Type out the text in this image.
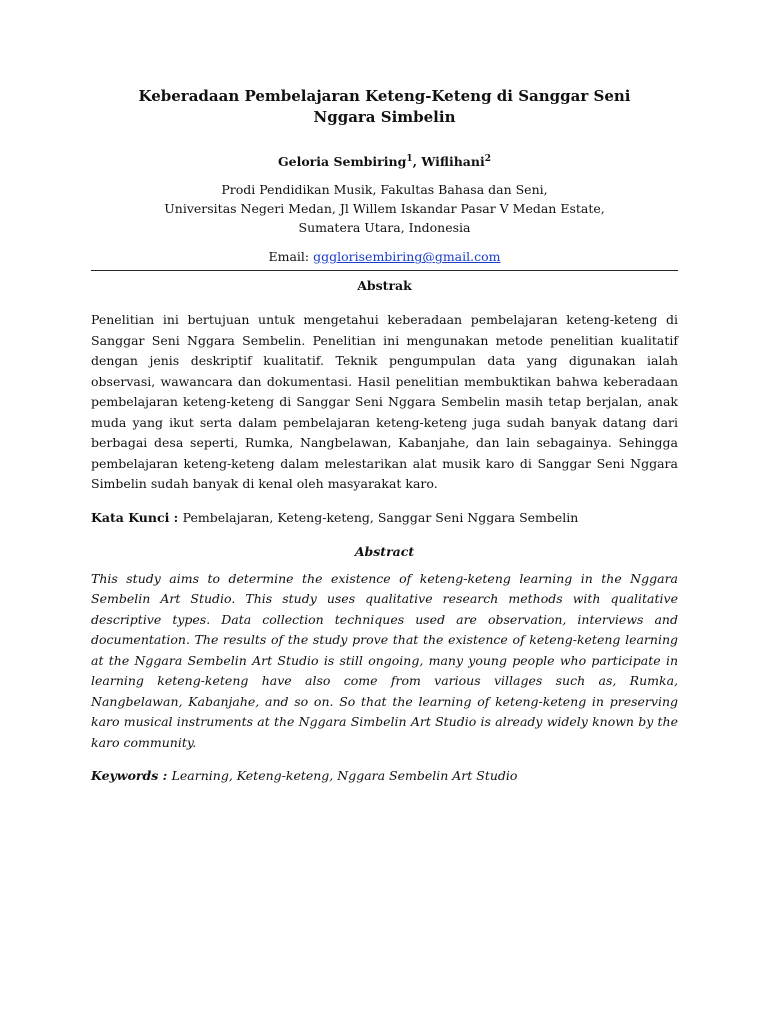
Keberadaan Pembelajaran Keteng-Keteng di Sanggar Seni
Nggara Simbelin
Geloria Sembiring$^1$, Wiflihani$^2$
Prodi Pendidikan Musik, Fakultas Bahasa dan Seni,
Universitas Negeri Medan, Jl Willem Iskandar Pasar V Medan Estate,
Sumatera Utara, Indonesia
Email: ggglorisembiring@gmail.com
Abstrak
Penelitian ini bertujuan untuk mengetahui keberadaan pembelajaran keteng-keteng di Sanggar Seni Nggara Sembelin. Penelitian ini mengunakan metode penelitian kualitatif dengan jenis deskriptif kualitatif. Teknik pengumpulan data yang digunakan ialah observasi, wawancara dan dokumentasi. Hasil penelitian membuktikan bahwa keberadaan pembelajaran keteng-keteng di Sanggar Seni Nggara Sembelin masih tetap berjalan, anak muda yang ikut serta dalam pembelajaran keteng-keteng juga sudah banyak datang dari berbagai desa seperti, Rumka, Nangbelawan, Kabanjahe, dan lain sebagainya. Sehingga pembelajaran keteng-keteng dalam melestarikan alat musik karo di Sanggar Seni Nggara Simbelin sudah banyak di kenal oleh masyarakat karo.
Kata Kunci : Pembelajaran, Keteng-keteng, Sanggar Seni Nggara Sembelin
Abstract
This study aims to determine the existence of keteng-keteng learning in the Nggara Sembelin Art Studio. This study uses qualitative research methods with qualitative descriptive types. Data collection techniques used are observation, interviews and documentation. The results of the study prove that the existence of keteng-keteng learning at the Nggara Sembelin Art Studio is still ongoing, many young people who participate in learning keteng-keteng have also come from various villages such as, Rumka, Nangbelawan, Kabanjahe, and so on. So that the learning of keteng-keteng in preserving karo musical instruments at the Nggara Simbelin Art Studio is already widely known by the karo community.
Keywords : Learning, Keteng-keteng, Nggara Sembelin Art Studio
